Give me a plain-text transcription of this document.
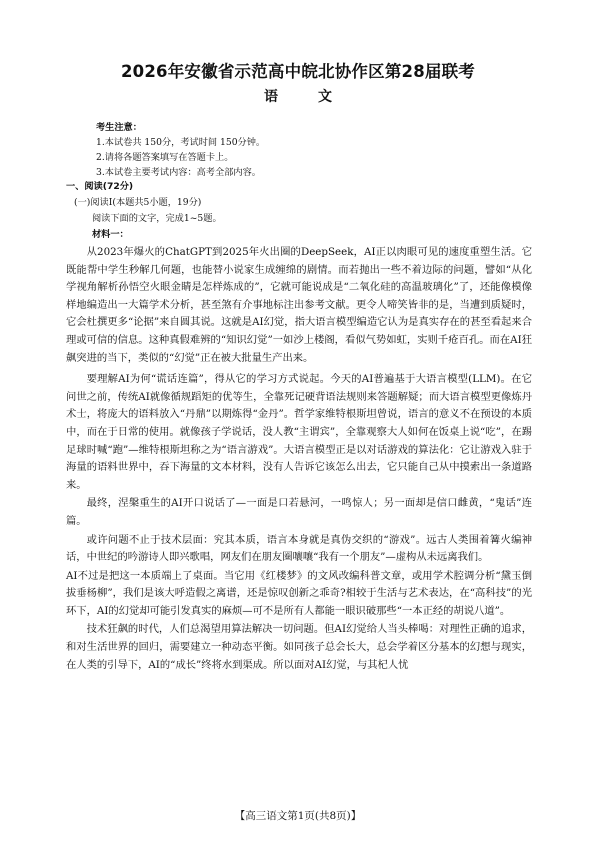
2026年安徽省示范高中皖北协作区第28届联考
语文
考生注意：
1.本试卷共 150分，考试时间 150分钟。
2.请将各题答案填写在答题卡上。
3.本试卷主要考试内容：高考全部内容。
一、阅读(72分)
(一)阅读Ⅰ(本题共5小题，19分)
阅读下面的文字，完成1~5题。
材料一：

从2023年爆火的ChatGPT到2025年火出圈的DeepSeek，AI正以肉眼可见的速度重塑生活。它既能帮中学生秒解几何题，也能替小说家生成缠绵的剧情。而若抛出一些不着边际的问题，譬如“从化学视角解析孙悟空火眼金睛是怎样炼成的”，它就可能说成是“二氧化硅的高温玻璃化”了，还能像模像样地编造出一大篇学术分析，甚至煞有介事地标注出参考文献。更令人啼笑皆非的是，当遭到质疑时，它会杜撰更多“论据”来自圆其说。这就是AI幻觉，指大语言模型编造它认为是真实存在的甚至看起来合理或可信的信息。这种真假难辨的“知识幻觉”一如沙上楼阁，看似气势如虹，实则千疮百孔。而在AI狂飙突进的当下，类似的“幻觉”正在被大批量生产出来。

要理解AI为何“谎话连篇”，得从它的学习方式说起。今天的AI普遍基于大语言模型(LLM)。在它问世之前，传统AI就像循规蹈矩的优等生，全靠死记硬背语法规则来答题解疑；而大语言模型更像炼丹术士，将庞大的语料放入“丹鼎”以期炼得“金丹”。哲学家维特根斯坦曾说，语言的意义不在预设的本质中，而在于日常的使用。就像孩子学说话，没人教“主谓宾”，全靠观察大人如何在饭桌上说“吃”，在踢足球时喊“跑”—维特根斯坦称之为“语言游戏”。大语言模型正是以对话游戏的算法化：它让游戏入驻于海量的语料世界中，吞下海量的文本材料，没有人告诉它该怎么出去，它只能自己从中摸索出一条道路来。

最终，涅槃重生的AI开口说话了—一面是口若悬河，一鸣惊人；另一面却是信口雌黄，“鬼话”连篇。

或许问题不止于技术层面：究其本质，语言本身就是真伪交织的“游戏”。远古人类围着篝火编神话，中世纪的吟游诗人即兴歌唱，网友们在朋友圈嚷嚷“我有一个朋友”—虚构从未远离我们。

AI不过是把这一本质端上了桌面。当它用《红楼梦》的文风改编科普文章，或用学术腔调分析“黛玉倒拔垂杨柳”，我们是该大呼造假之离谱，还是惊叹创新之乖奇?相较于生活与艺术表达，在“高科技”的光环下，AI的幻觉却可能引发真实的麻烦—可不是所有人都能一眼识破那些“一本正经的胡说八道”。

技术狂飙的时代，人们总渴望用算法解决一切问题。但AI幻觉给人当头棒喝：对理性正确的追求，和对生活世界的回归，需要建立一种动态平衡。如同孩子总会长大，总会学着区分基本的幻想与现实，在人类的引导下，AI的“成长”终将水到渠成。所以面对AI幻觉，与其杞人忧

【高三语文第1页(共8页)】
